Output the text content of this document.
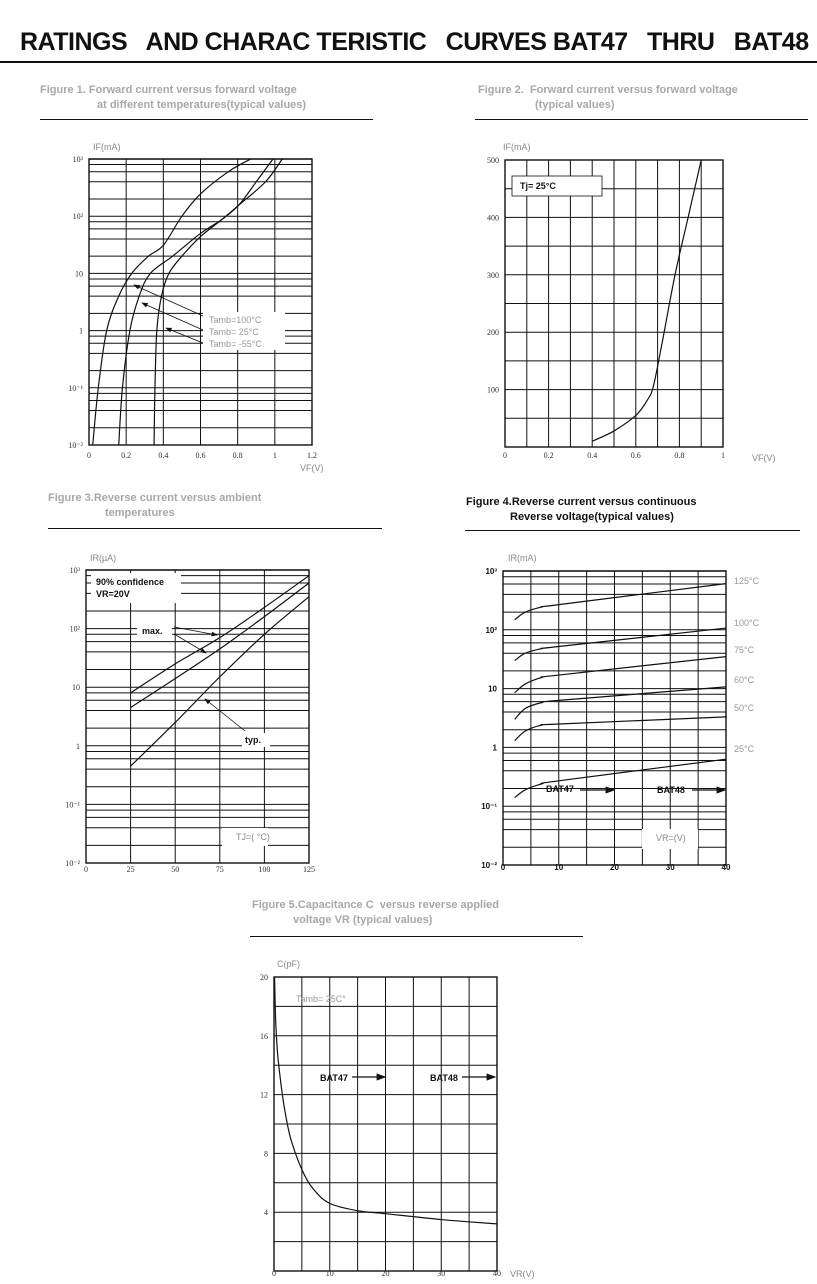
RATINGS   AND CHARAC TERISTIC   CURVES BAT47   THRU   BAT48
Figure 1. Forward current versus forward voltage
at different temperatures(typical values)
Figure 2.  Forward current versus forward voltage
(typical values)
Figure 3.Reverse current versus ambient
temperatures
Figure 4.Reverse current versus continuous
Reverse voltage(typical values)
Figure 5.Capacitance C  versus reverse applied
voltage VR (typical values)
Tamb=100°C
Tamb= 25°C
Tamb= -55°C
IF(mA)
VF(V)
Tj= 25°C
IF(mA)
VF(V)
90% confidence
VR=20V
max.
typ.
TJ=( °C)
IR(µA)
BAT47	BAT48
VR=(V)
IR(mA)
125°C
100°C
75°C
60°C
50°C
25°C
Tamb= 25C°
BAT47	BAT48
C(pF)
VR(V)
0	0.2	0.4	0.6	0.8	1	1.2
10³
10²
10
1
10⁻¹
10⁻²
0	0.2	0.4	0.6	0.8	1
500
400
300
200
100
0	25	50	75	100	125
10³
10²
10
1
10⁻¹
10⁻²	0	10	20	30	40
10³
10²
10
1
10⁻¹
10⁻²
0	10	20	30	40
20
16
12
8
4
